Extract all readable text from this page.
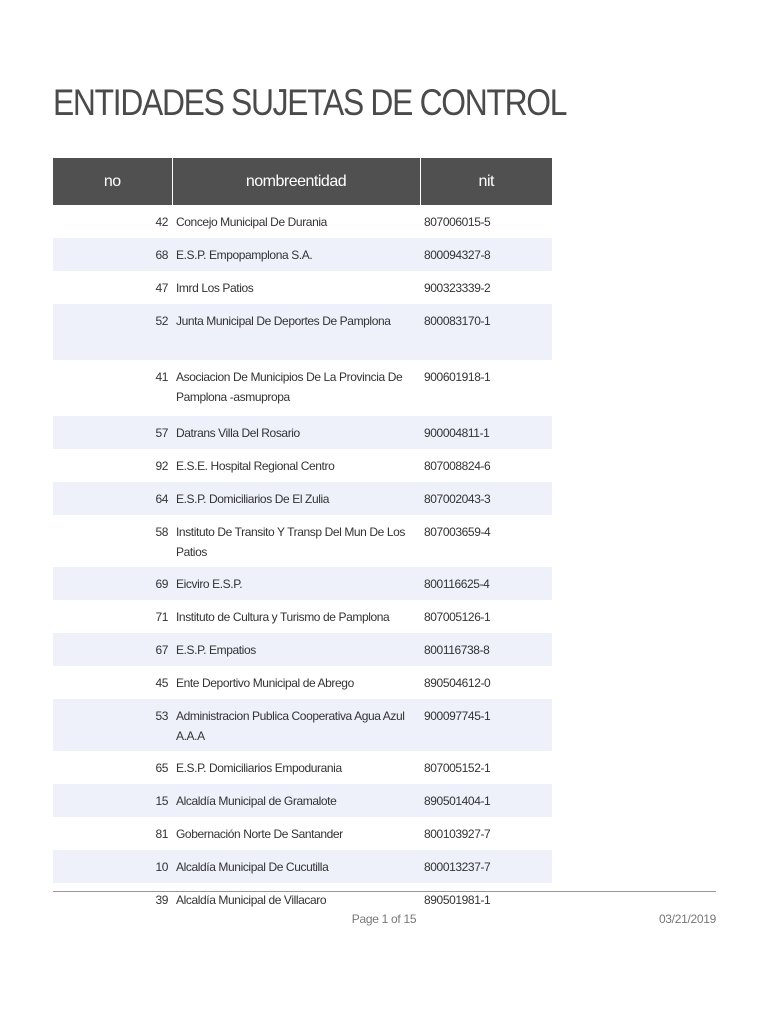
ENTIDADES SUJETAS DE CONTROL
no	nombreentidad	nit
42	Concejo Municipal De Durania	807006015-5
68	E.S.P. Empopamplona S.A.	800094327-8
47	Imrd Los Patios	900323339-2
52	Junta Municipal De Deportes De Pamplona	800083170-1
41	Asociacion De Municipios De La Provincia De Pamplona -asmupropa	900601918-1
57	Datrans Villa Del Rosario	900004811-1
92	E.S.E. Hospital Regional Centro	807008824-6
64	E.S.P. Domiciliarios De El Zulia	807002043-3
58	Instituto De Transito Y Transp Del Mun De Los Patios	807003659-4
69	Eicviro E.S.P.	800116625-4
71	Instituto de Cultura y Turismo de Pamplona	807005126-1
67	E.S.P. Empatios	800116738-8
45	Ente Deportivo Municipal de Abrego	890504612-0
53	Administracion Publica Cooperativa Agua Azul A.A.A	900097745-1
65	E.S.P. Domiciliarios Empodurania	807005152-1
15	Alcaldía Municipal de Gramalote	890501404-1
81	Gobernación Norte De Santander	800103927-7
10	Alcaldía Municipal De Cucutilla	800013237-7
39	Alcaldía Municipal de Villacaro	890501981-1
Page 1 of 15	03/21/2019
